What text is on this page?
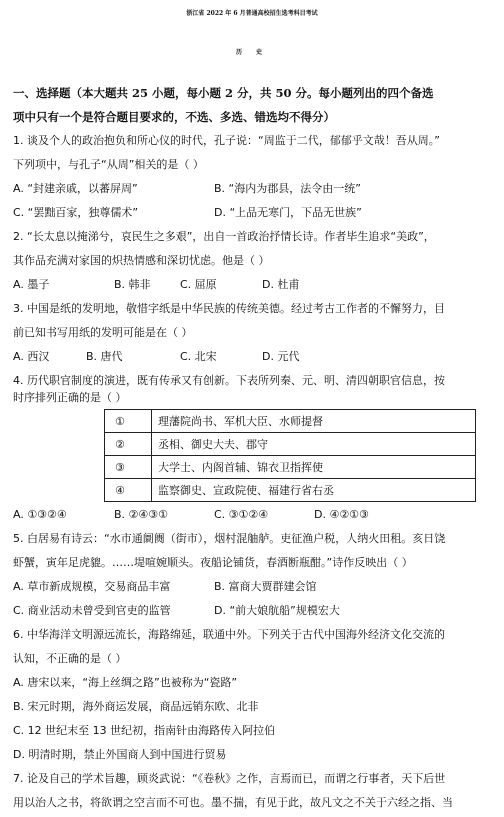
浙江省 2022 年 6 月普通高校招生选考科目考试
历 史
一、选择题（本大题共 25 小题，每小题 2 分，共 50 分。每小题列出的四个备选
项中只有一个是符合题目要求的，不选、多选、错选均不得分）
1. 谈及个人的政治抱负和所心仪的时代，孔子说：“周监于二代，郁郁乎文哉！吾从周。”
下列项中，与孔子“从周”相关的是（ ）
A. “封建亲戚，以蕃屏周”	B. “海内为郡县，法令由一统”
C. “罢黜百家，独尊儒术”	D. “上品无寒门，下品无世族”
2. “长太息以掩涕兮，哀民生之多艰”，出自一首政治抒情长诗。作者毕生追求“美政”，
其作品充满对家国的炽热情感和深切忧虑。他是（ ）
A. 墨子	B. 韩非	C. 屈原	D. 杜甫
3. 中国是纸的发明地，敬惜字纸是中华民族的传统美德。经过考古工作者的不懈努力，目
前已知书写用纸的发明可能是在（ ）
A. 西汉	B. 唐代	C. 北宋	D. 元代
4. 历代职官制度的演进，既有传承又有创新。下表所列秦、元、明、清四朝职官信息，按
时序排列正确的是（ ）
①	理藩院尚书、军机大臣、水师提督
②	丞相、御史大夫、郡守
③	大学士、内阁首辅、锦衣卫指挥使
④	监察御史、宣政院使、福建行省右丞
A. ①③②④	B. ②④③①	C. ③①②④	D. ④②①③
5. 白居易有诗云：“水市通阛阓（街市），烟村混舳舻。吏征渔户税，人纳火田租。亥日饶
虾蟹，寅年足虎貔。……堤喧婉顺头。夜船论铺货，春酒断瓶酣。”诗作反映出（ ）
A. 草市新成规模，交易商品丰富	B. 富商大贾群建会馆
C. 商业活动未曾受到官吏的监管	D. “前大娘航船”规模宏大
6. 中华海洋文明源远流长，海路绵延，联通中外。下列关于古代中国海外经济文化交流的
认知，不正确的是（ ）
A. 唐宋以来，“海上丝绸之路”也被称为“瓷路”
B. 宋元时期，海外商运发展，商品远销东欧、北非
C. 12 世纪末至 13 世纪初，指南针由海路传入阿拉伯
D. 明清时期，禁止外国商人到中国进行贸易
7. 论及自己的学术旨趣，顾炎武说：“《卷秋》之作，言焉而已，而谓之行事者，天下后世
用以治人之书，将欲谓之空言而不可也。墨不揣，有见于此，故凡文之不关于六经之指、当
